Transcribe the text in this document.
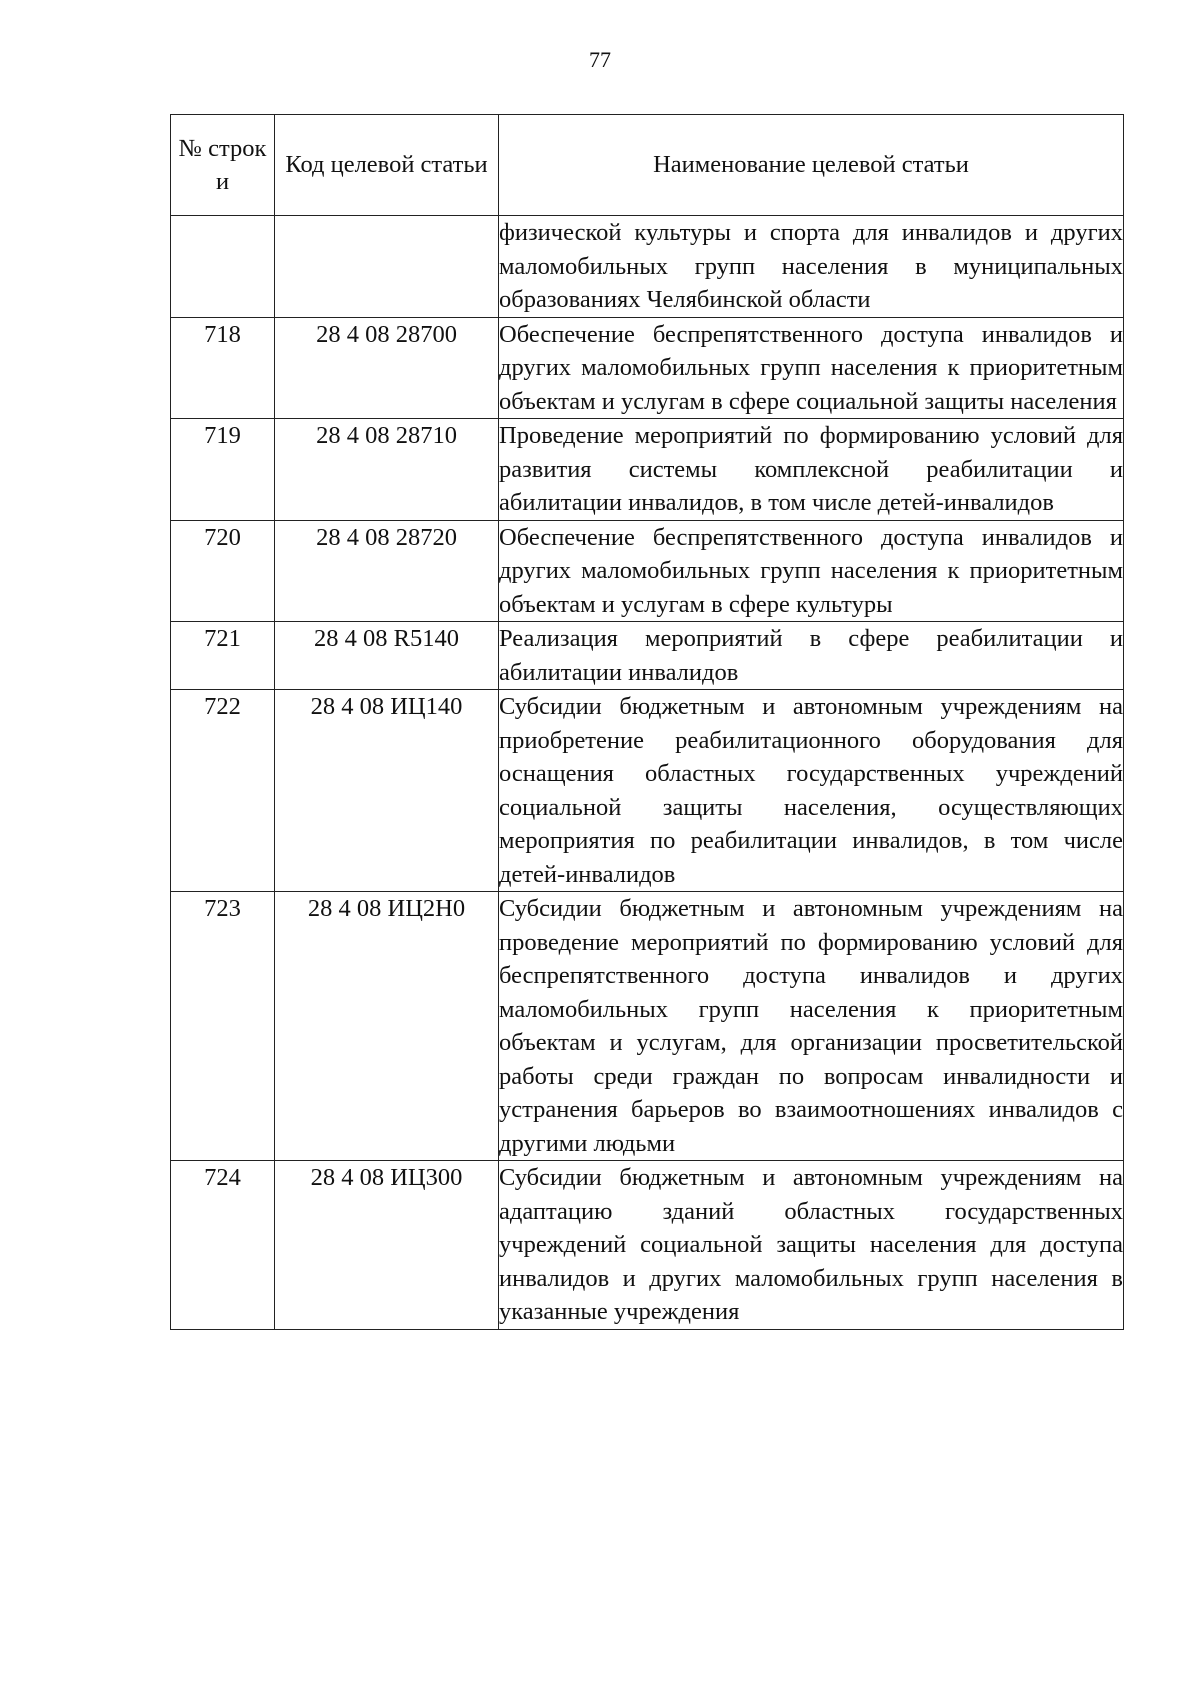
77
№ строк и	Код целевой статьи	Наименование целевой статьи

		физической культуры и спорта для инвалидов и других маломобильных групп населения в муниципальных образованиях Челябинской области

718	28 4 08 28700	Обеспечение беспрепятственного доступа инвалидов и других маломобильных групп населения к приоритетным объектам и услугам в сфере социальной защиты населения

719	28 4 08 28710	Проведение мероприятий по формированию условий для развития системы комплексной реабилитации и абилитации инвалидов, в том числе детей-инвалидов

720	28 4 08 28720	Обеспечение беспрепятственного доступа инвалидов и других маломобильных групп населения к приоритетным объектам и услугам в сфере культуры

721	28 4 08 R5140	Реализация мероприятий в сфере реабилитации и абилитации инвалидов

722	28 4 08 ИЦ140	Субсидии бюджетным и автономным учреждениям на приобретение реабилитационного оборудования для оснащения областных государственных учреждений социальной защиты населения, осуществляющих мероприятия по реабилитации инвалидов, в том числе детей-инвалидов

723	28 4 08 ИЦ2Н0	Субсидии бюджетным и автономным учреждениям на проведение мероприятий по формированию условий для беспрепятственного доступа инвалидов и других маломобильных групп населения к приоритетным объектам и услугам, для организации просветительской работы среди граждан по вопросам инвалидности и устранения барьеров во взаимоотношениях инвалидов с другими людьми

724	28 4 08 ИЦ300	Субсидии бюджетным и автономным учреждениям на адаптацию зданий областных государственных учреждений социальной защиты населения для доступа инвалидов и других маломобильных групп населения в указанные учреждения
